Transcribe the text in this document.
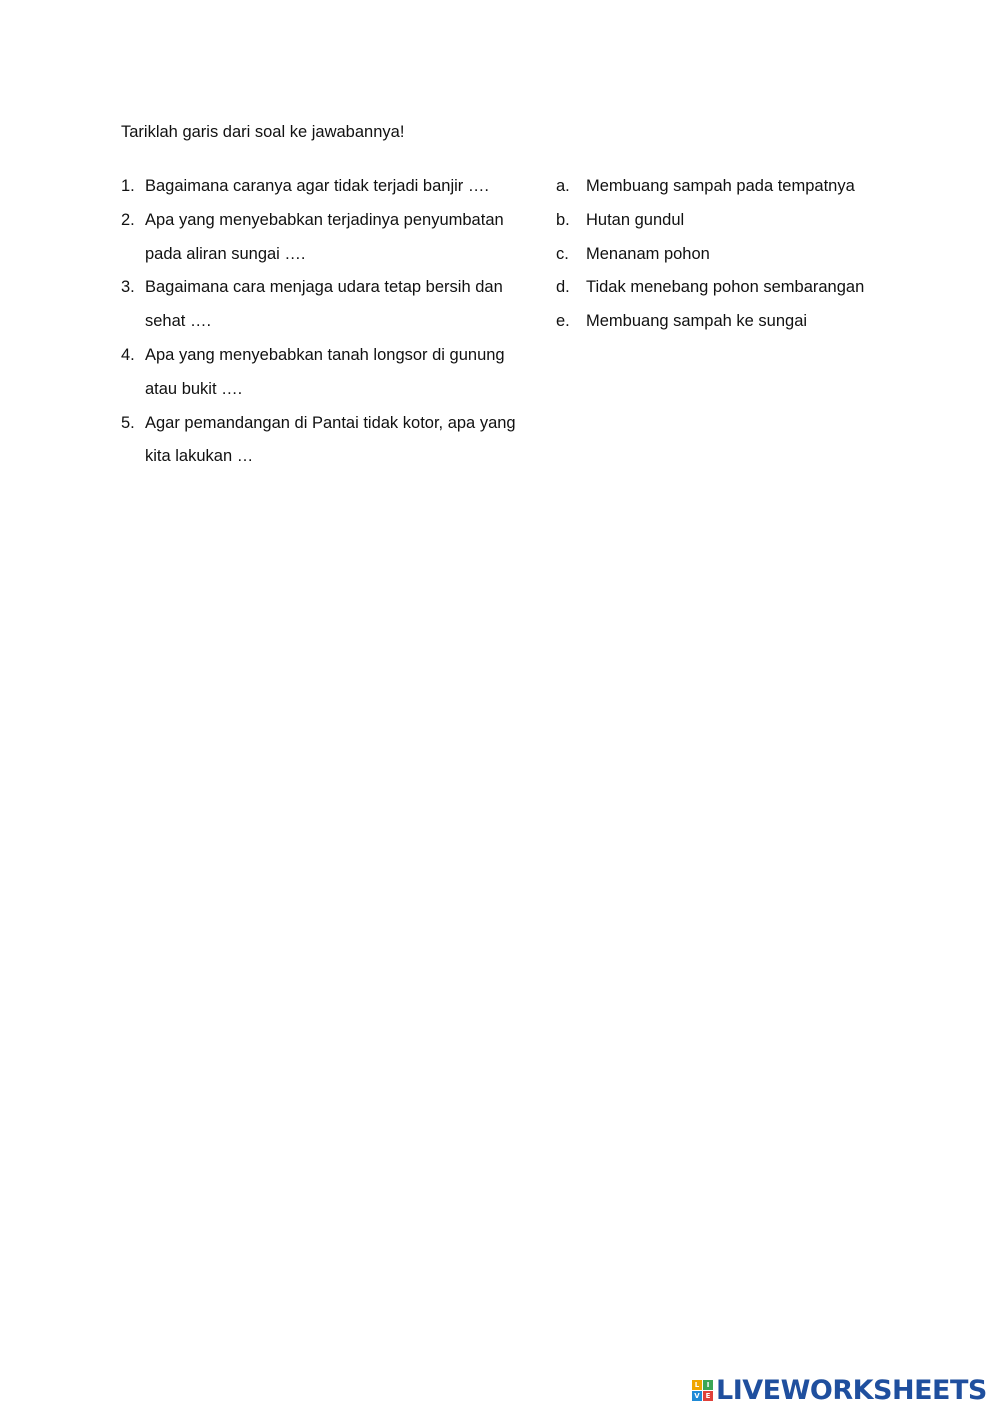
Tariklah garis dari soal ke jawabannya!
1. Bagaimana caranya agar tidak terjadi banjir ….
2. Apa yang menyebabkan terjadinya penyumbatan
pada aliran sungai ….
3. Bagaimana cara menjaga udara tetap bersih dan
sehat ….
4. Apa yang menyebabkan tanah longsor di gunung
atau bukit ….
5. Agar pemandangan di Pantai tidak kotor, apa yang
kita lakukan …
a. Membuang sampah pada tempatnya
b. Hutan gundul
c. Menanam pohon
d. Tidak menebang pohon sembarangan
e. Membuang sampah ke sungai
L	I
V E LIVEWORKSHEETS
